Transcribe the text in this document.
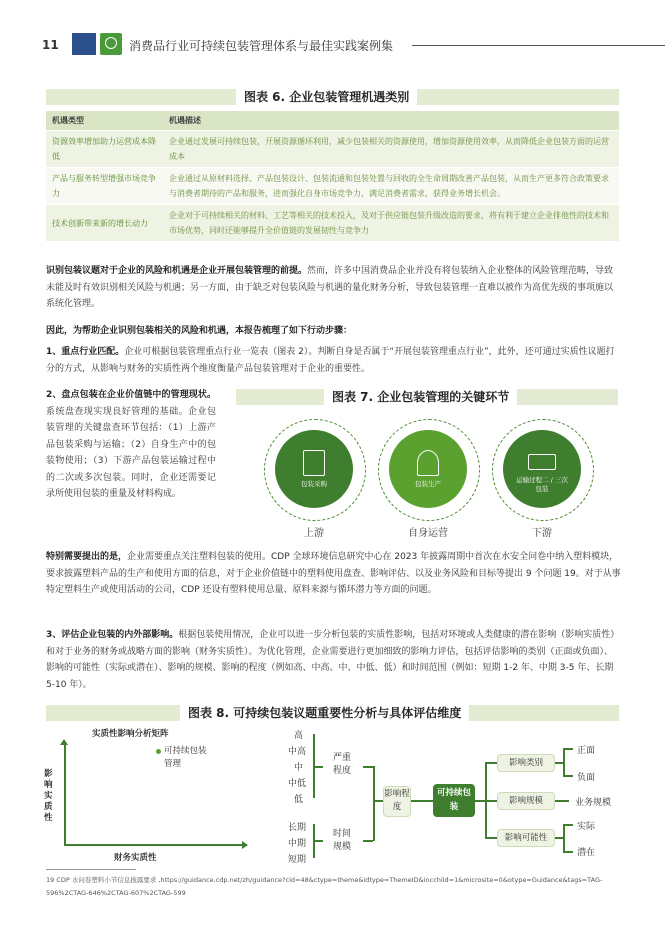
11	消费品行业可持续包装管理体系与最佳实践案例集
图表 6. 企业包装管理机遇类别
机遇类型	机遇描述
资源效率增加助力运营成本降低	企业通过发展可持续包装，开展资源循环利用，减少包装相关的资源使用，增加资源使用效率，从而降低企业包装方面的运营成本
产品与服务转型增强市场竞争力	企业通过从原材料选择、产品包装设计、包装流通和包装处置与回收的全生命周期改善产品包装，从而生产更多符合政策要求与消费者期待的产品和服务，进而强化自身市场竞争力，满足消费者需求，获得业务增长机会。
技术创新带来新的增长动力	企业对于可持续相关的材料、工艺等相关的技术投入，及对于供应链包装升级改造的要求，将有利于建立企业排他性的技术和市场优势，同时还能够提升全价值链的发展韧性与竞争力
识别包装议题对于企业的风险和机遇是企业开展包装管理的前提。然而，许多中国消费品企业并没有将包装纳入企业整体的风险管理范畴，导致未能及时有效识别相关风险与机遇；另一方面，由于缺乏对包装风险与机遇的量化财务分析，导致包装管理一直难以被作为高优先级的事项施以系统化管理。
因此，为帮助企业识别包装相关的风险和机遇，本报告梳理了如下行动步骤：
1、重点行业匹配。企业可根据包装管理重点行业一览表（图表 2）。判断自身是否属于“开展包装管理重点行业”，此外，还可通过实质性议题打分的方式，从影响与财务的实质性两个维度衡量产品包装管理对于企业的重要性。
2、盘点包装在企业价值链中的管理现状。系统盘查现实现良好管理的基础。企业包装管理的关键盘查环节包括：（1）上游产品包装采购与运输；（2）自身生产中的包装物使用；（3）下游产品包装运输过程中的二次或多次包装。同时，企业还需要记录所使用包装的重量及材料构成。
图表 7. 企业包装管理的关键环节
包装采购	包装生产	运输过程二 / 三次包装
上游	自身运营	下游
特别需要提出的是，企业需要重点关注塑料包装的使用。CDP 全球环境信息研究中心在 2023 年披露周期中首次在水安全问卷中纳入塑料模块，要求披露塑料产品的生产和使用方面的信息，对于企业价值链中的塑料使用盘查、影响评估、以及业务风险和目标等提出 9 个问题 19。对于从事特定塑料生产或使用活动的公司，CDP 还设有塑料使用总量、原料来源与循环潜力等方面的问题。
3、评估企业包装的内外部影响。根据包装使用情况，企业可以进一步分析包装的实质性影响，包括对环境或人类健康的潜在影响（影响实质性）和对于业务的财务或战略方面的影响（财务实质性）。为优化管理，企业需要进行更加细致的影响力评估，包括评估影响的类别（正面或负面）、影响的可能性（实际或潜在）、影响的规模、影响的程度（例如高、中高、中、中低、低）和时间范围（例如：短期 1-2 年、中期 3-5 年、长期 5-10 年）。
图表 8. 可持续包装议题重要性分析与具体评估维度
实质性影响分析矩阵
影响实质性
可持续包装管理
财务实质性
高
中高
中
中低
低
严重程度
长期
中期
短期
时间规模
影响程度
可持续包装
影响类别
影响规模
影响可能性
正面
负面
业务规模
实际
潜在
19 CDP 水问卷塑料小节信息披露要求 ,https://guidance.cdp.net/zh/guidance?cid=48&ctype=theme&idtype=ThemeID&incchild=1&microsite=0&otype=Guidance&tags=TAG-596%2CTAG-646%2CTAG-607%2CTAG-599
